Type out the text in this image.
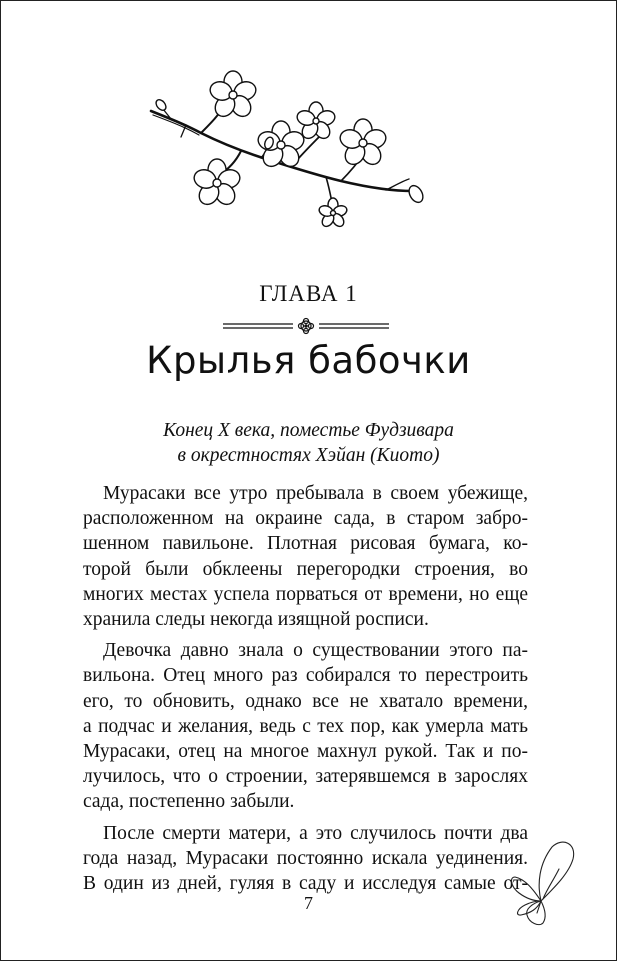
ГЛАВА 1
Крылья бабочки
Конец X века, поместье Фудзивара
в окрестностях Хэйан (Киото)

Мурасаки все утро пребывала в своем убежище,
расположенном на окраине сада, в старом забро-
шенном павильоне. Плотная рисовая бумага, ко-
торой были обклеены перегородки строения, во
многих местах успела порваться от времени, но еще
хранила следы некогда изящной росписи.

Девочка давно знала о существовании этого па-
вильона. Отец много раз собирался то перестроить
его, то обновить, однако все не хватало времени,
а подчас и желания, ведь с тех пор, как умерла мать
Мурасаки, отец на многое махнул рукой. Так и по-
лучилось, что о строении, затерявшемся в зарослях
сада, постепенно забыли.

После смерти матери, а это случилось почти два
года назад, Мурасаки постоянно искала уединения.
В один из дней, гуляя в саду и исследуя самые от-

7
